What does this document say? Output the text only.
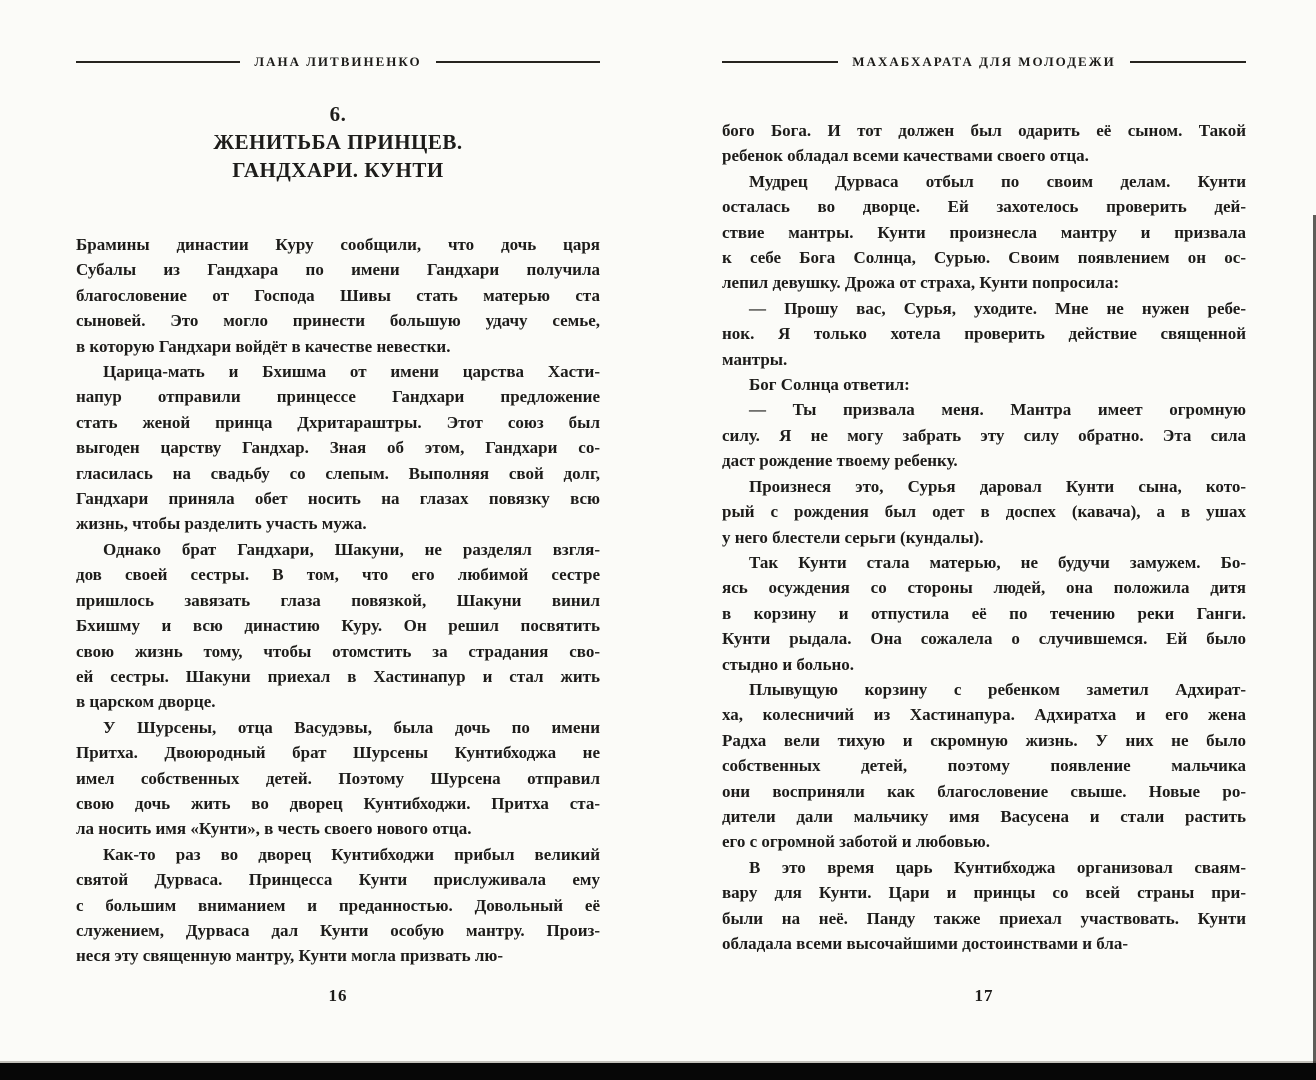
ЛАНА ЛИТВИНЕНКО
6.
ЖЕНИТЬБА ПРИНЦЕВ.
ГАНДХАРИ. КУНТИ
Брамины династии Куру сообщили, что дочь царя
Субалы из Гандхара по имени Гандхари получила
благословение от Господа Шивы стать матерью ста
сыновей. Это могло принести большую удачу семье,
в которую Гандхари войдёт в качестве невестки.
Царица-мать и Бхишма от имени царства Хасти-
напур отправили принцессе Гандхари предложение
стать женой принца Дхритараштры. Этот союз был
выгоден царству Гандхар. Зная об этом, Гандхари со-
гласилась на свадьбу со слепым. Выполняя свой долг,
Гандхари приняла обет носить на глазах повязку всю
жизнь, чтобы разделить участь мужа.
Однако брат Гандхари, Шакуни, не разделял взгля-
дов своей сестры. В том, что его любимой сестре
пришлось завязать глаза повязкой, Шакуни винил
Бхишму и всю династию Куру. Он решил посвятить
свою жизнь тому, чтобы отомстить за страдания сво-
ей сестры. Шакуни приехал в Хастинапур и стал жить
в царском дворце.
У Шурсены, отца Васудэвы, была дочь по имени
Притха. Двоюродный брат Шурсены Кунтибходжа не
имел собственных детей. Поэтому Шурсена отправил
свою дочь жить во дворец Кунтибходжи. Притха ста-
ла носить имя «Кунти», в честь своего нового отца.
Как-то раз во дворец Кунтибходжи прибыл великий
святой Дурваса. Принцесса Кунти прислуживала ему
с большим вниманием и преданностью. Довольный её
служением, Дурваса дал Кунти особую мантру. Произ-
неся эту священную мантру, Кунти могла призвать лю-
16
МАХАБХАРАТА ДЛЯ МОЛОДЕЖИ
бого Бога. И тот должен был одарить её сыном. Такой
ребенок обладал всеми качествами своего отца.
Мудрец Дурваса отбыл по своим делам. Кунти
осталась во дворце. Ей захотелось проверить дей-
ствие мантры. Кунти произнесла мантру и призвала
к себе Бога Солнца, Сурью. Своим появлением он ос-
лепил девушку. Дрожа от страха, Кунти попросила:
— Прошу вас, Сурья, уходите. Мне не нужен ребе-
нок. Я только хотела проверить действие священной
мантры.
Бог Солнца ответил:
— Ты призвала меня. Мантра имеет огромную
силу. Я не могу забрать эту силу обратно. Эта сила
даст рождение твоему ребенку.
Произнеся это, Сурья даровал Кунти сына, кото-
рый с рождения был одет в доспех (кавача), а в ушах
у него блестели серьги (кундалы).
Так Кунти стала матерью, не будучи замужем. Бо-
ясь осуждения со стороны людей, она положила дитя
в корзину и отпустила её по течению реки Ганги.
Кунти рыдала. Она сожалела о случившемся. Ей было
стыдно и больно.
Плывущую корзину с ребенком заметил Адхират-
ха, колесничий из Хастинапура. Адхиратха и его жена
Радха вели тихую и скромную жизнь. У них не было
собственных детей, поэтому появление мальчика
они восприняли как благословение свыше. Новые ро-
дители дали мальчику имя Васусена и стали растить
его с огромной заботой и любовью.
В это время царь Кунтибходжа организовал сваям-
вару для Кунти. Цари и принцы со всей страны при-
были на неё. Панду также приехал участвовать. Кунти
обладала всеми высочайшими достоинствами и бла-
17
